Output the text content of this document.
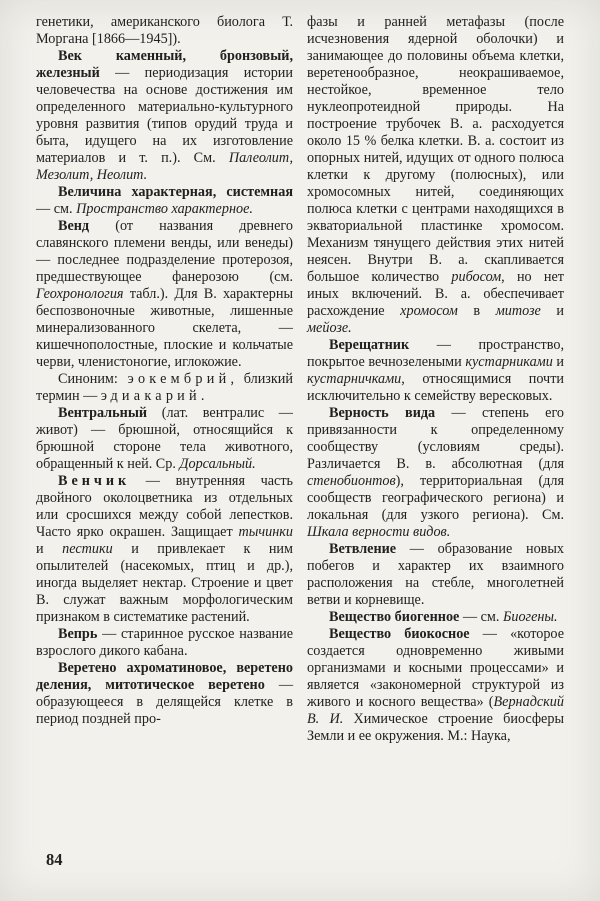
генетики, американского биолога Т. Моргана [1866—1945]).

Век каменный, бронзовый, железный — периодизация истории человечества на основе достижения им определенного материально-культурного уровня развития (типов орудий труда и быта, идущего на их изготовление материалов и т. п.). См. Палеолит, Мезолит, Неолит.

Величина характерная, системная — см. Пространство характерное.

Венд (от названия древнего славянского племени венды, или венеды) — последнее подразделение протерозоя, предшествующее фанерозою (см. Геохронология табл.). Для В. характерны беспозвоночные животные, лишенные минерализованного скелета, — кишечнополостные, плоские и кольчатые черви, членистоногие, иглокожие.

Синоним: эокембрий, близкий термин — эдиакарий.

Вентральный (лат. вентралис — живот) — брюшной, относящийся к брюшной стороне тела животного, обращенный к ней. Ср. Дорсальный.

Венчик — внутренняя часть двойного околоцветника из отдельных или сросшихся между собой лепестков. Часто ярко окрашен. Защищает тычинки и пестики и привлекает к ним опылителей (насекомых, птиц и др.), иногда выделяет нектар. Строение и цвет В. служат важным морфологическим признаком в систематике растений.

Вепрь — старинное русское название взрослого дикого кабана.

Веретено ахроматиновое, веретено деления, митотическое веретено — образующееся в делящейся клетке в период поздней про-

фазы и ранней метафазы (после исчезновения ядерной оболочки) и занимающее до половины объема клетки, веретенообразное, неокрашиваемое, нестойкое, временное тело нуклеопротеидной природы. На построение трубочек В. а. расходуется около 15 % белка клетки. В. а. состоит из опорных нитей, идущих от одного полюса клетки к другому (полюсных), или хромосомных нитей, соединяющих полюса клетки с центрами находящихся в экваториальной пластинке хромосом. Механизм тянущего действия этих нитей неясен. Внутри В. а. скапливается большое количество рибосом, но нет иных включений. В. а. обеспечивает расхождение хромосом в митозе и мейозе.

Верещатник — пространство, покрытое вечнозелеными кустарниками и кустарничками, относящимися почти исключительно к семейству вересковых.

Верность вида — степень его привязанности к определенному сообществу (условиям среды). Различается В. в. абсолютная (для стенобионтов), территориальная (для сообществ географического региона) и локальная (для узкого региона). См. Шкала верности видов.

Ветвление — образование новых побегов и характер их взаимного расположения на стебле, многолетней ветви и корневище.

Вещество биогенное — см. Биогены.

Вещество биокосное — «которое создается одновременно живыми организмами и косными процессами» и является «закономерной структурой из живого и косного вещества» (Вернадский В. И. Химическое строение биосферы Земли и ее окружения. М.: Наука,

84
